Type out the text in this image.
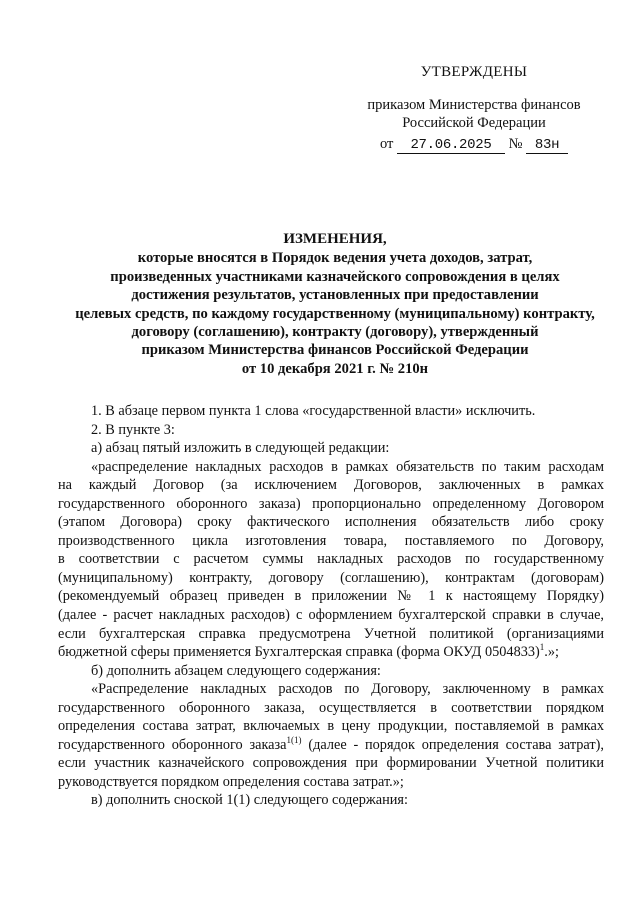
УТВЕРЖДЕНЫ
приказом Министерства финансов
Российской Федерации
от 27.06.2025 № 83н
ИЗМЕНЕНИЯ,
которые вносятся в Порядок ведения учета доходов, затрат,
произведенных участниками казначейского сопровождения в целях
достижения результатов, установленных при предоставлении
целевых средств, по каждому государственному (муниципальному) контракту,
договору (соглашению), контракту (договору), утвержденный
приказом Министерства финансов Российской Федерации
от 10 декабря 2021 г. № 210н

1. В абзаце первом пункта 1 слова «государственной власти» исключить.

2. В пункте 3:

а) абзац пятый изложить в следующей редакции:

«распределение накладных расходов в рамках обязательств по таким расходам

на каждый Договор (за исключением Договоров, заключенных в рамках

государственного оборонного заказа) пропорционально определенному Договором

(этапом Договора) сроку фактического исполнения обязательств либо сроку

производственного цикла изготовления товара, поставляемого по Договору,

в соответствии с расчетом суммы накладных расходов по государственному

(муниципальному) контракту, договору (соглашению), контрактам (договорам)

(рекомендуемый образец приведен в приложении № 1 к настоящему Порядку)

(далее - расчет накладных расходов) с оформлением бухгалтерской справки в случае,

если бухгалтерская справка предусмотрена Учетной политикой (организациями

бюджетной сферы применяется Бухгалтерская справка (форма ОКУД 0504833)$^1$.»;

б) дополнить абзацем следующего содержания:

«Распределение накладных расходов по Договору, заключенному в рамках

государственного оборонного заказа, осуществляется в соответствии порядком

определения состава затрат, включаемых в цену продукции, поставляемой в рамках

государственного оборонного заказа$^{1(1)}$ (далее - порядок определения состава затрат),

если участник казначейского сопровождения при формировании Учетной политики

руководствуется порядком определения состава затрат.»;

в) дополнить сноской 1(1) следующего содержания:
